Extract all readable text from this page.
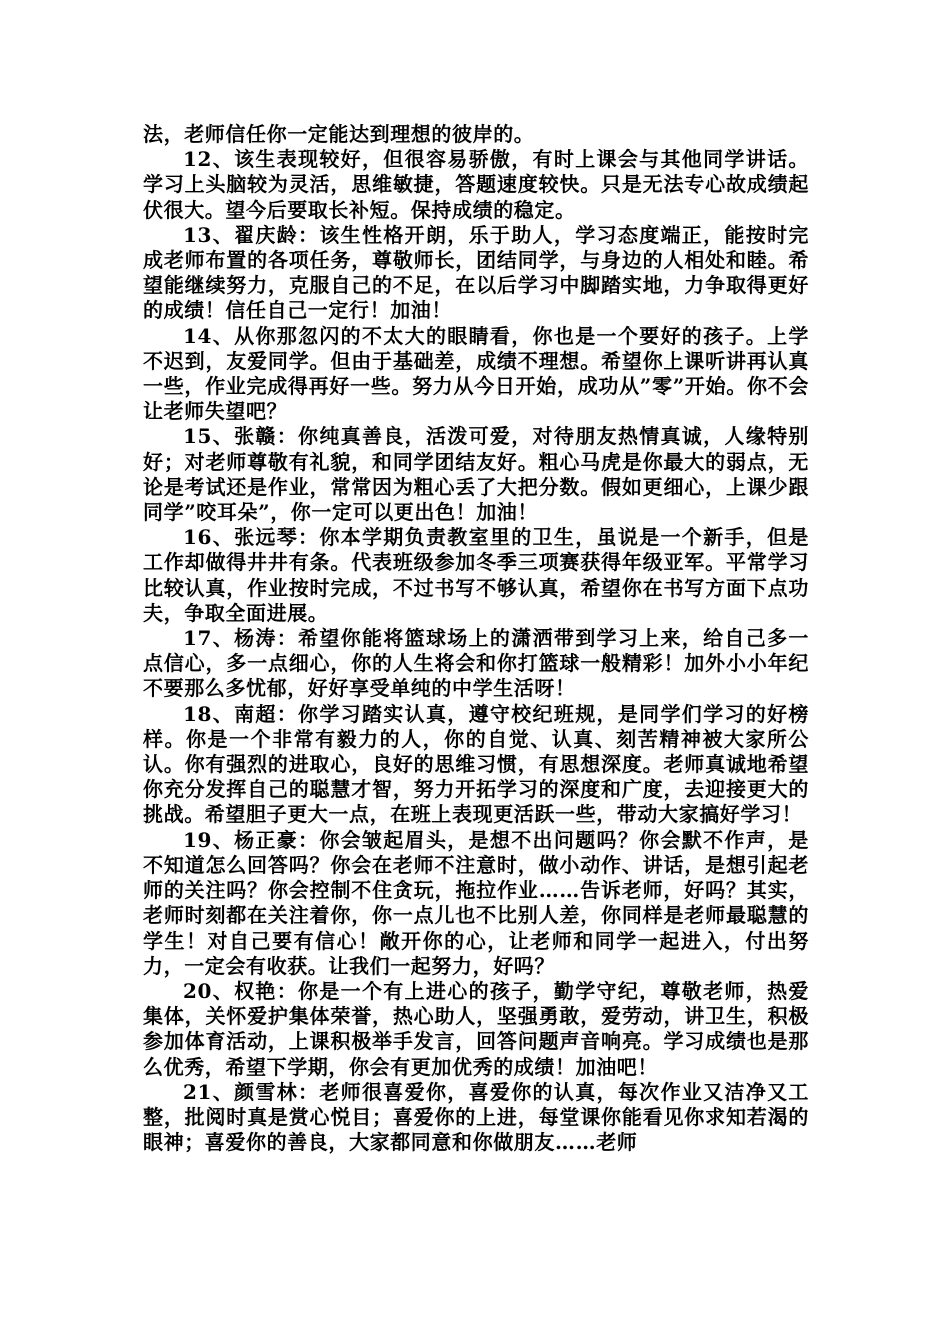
法，老师信任你一定能达到理想的彼岸的。

12、该生表现较好，但很容易骄傲，有时上课会与其他同学讲话。学习上头脑较为灵活，思维敏捷，答题速度较快。只是无法专心故成绩起伏很大。望今后要取长补短。保持成绩的稳定。

13、翟庆龄：该生性格开朗，乐于助人，学习态度端正，能按时完成老师布置的各项任务，尊敬师长，团结同学，与身边的人相处和睦。希望能继续努力，克服自己的不足，在以后学习中脚踏实地，力争取得更好的成绩！信任自己一定行！加油！

14、从你那忽闪的不太大的眼睛看，你也是一个要好的孩子。上学不迟到，友爱同学。但由于基础差，成绩不理想。希望你上课听讲再认真一些，作业完成得再好一些。努力从今日开始，成功从”零”开始。你不会让老师失望吧？

15、张赣：你纯真善良，活泼可爱，对待朋友热情真诚，人缘特别好；对老师尊敬有礼貌，和同学团结友好。粗心马虎是你最大的弱点，无论是考试还是作业，常常因为粗心丢了大把分数。假如更细心，上课少跟同学”咬耳朵”，你一定可以更出色！加油！

16、张远琴：你本学期负责教室里的卫生，虽说是一个新手，但是工作却做得井井有条。代表班级参加冬季三项赛获得年级亚军。平常学习比较认真，作业按时完成，不过书写不够认真，希望你在书写方面下点功夫，争取全面进展。

17、杨涛：希望你能将篮球场上的潇洒带到学习上来，给自己多一点信心，多一点细心，你的人生将会和你打篮球一般精彩！加外小小年纪不要那么多忧郁，好好享受单纯的中学生活呀！

18、南超：你学习踏实认真，遵守校纪班规，是同学们学习的好榜样。你是一个非常有毅力的人，你的自觉、认真、刻苦精神被大家所公认。你有强烈的进取心，良好的思维习惯，有思想深度。老师真诚地希望你充分发挥自己的聪慧才智，努力开拓学习的深度和广度，去迎接更大的挑战。希望胆子更大一点，在班上表现更活跃一些，带动大家搞好学习！

19、杨正豪：你会皱起眉头，是想不出问题吗？你会默不作声，是不知道怎么回答吗？你会在老师不注意时，做小动作、讲话，是想引起老师的关注吗？你会控制不住贪玩，拖拉作业……告诉老师，好吗？其实，老师时刻都在关注着你，你一点儿也不比别人差，你同样是老师最聪慧的学生！对自己要有信心！敞开你的心，让老师和同学一起进入，付出努力，一定会有收获。让我们一起努力，好吗？

20、权艳：你是一个有上进心的孩子，勤学守纪，尊敬老师，热爱集体，关怀爱护集体荣誉，热心助人，坚强勇敢，爱劳动，讲卫生，积极参加体育活动，上课积极举手发言，回答问题声音响亮。学习成绩也是那么优秀，希望下学期，你会有更加优秀的成绩！加油吧！

21、颜雪林：老师很喜爱你，喜爱你的认真，每次作业又洁净又工整，批阅时真是赏心悦目；喜爱你的上进，每堂课你能看见你求知若渴的眼神；喜爱你的善良，大家都同意和你做朋友……老师
